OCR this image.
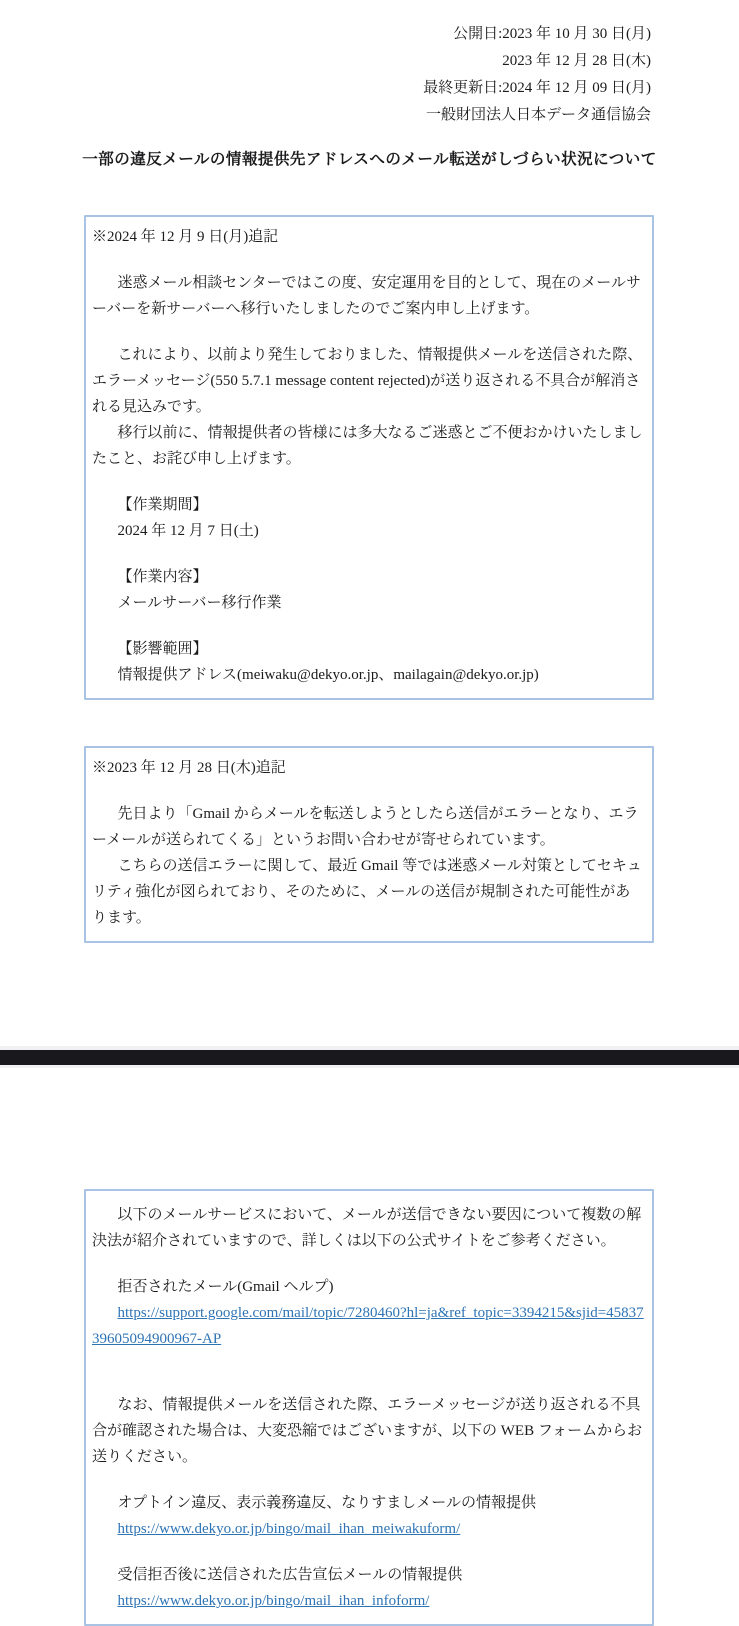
公開日:2023 年 10 月 30 日(月)
2023 年 12 月 28 日(木)
最終更新日:2024 年 12 月 09 日(月)
一般財団法人日本データ通信協会
一部の違反メールの情報提供先アドレスへのメール転送がしづらい状況について

※2024 年 12 月 9 日(月)追記

迷惑メール相談センターではこの度、安定運用を目的として、現在のメールサーバーを新サーバーへ移行いたしましたのでご案内申し上げます。

これにより、以前より発生しておりました、情報提供メールを送信された際、エラーメッセージ(550 5.7.1 message content rejected)が送り返される不具合が解消される見込みです。

移行以前に、情報提供者の皆様には多大なるご迷惑とご不便おかけいたしましたこと、お詫び申し上げます。

【作業期間】

2024 年 12 月 7 日(土)

【作業内容】

メールサーバー移行作業

【影響範囲】

情報提供アドレス(meiwaku@dekyo.or.jp、mailagain@dekyo.or.jp)

※2023 年 12 月 28 日(木)追記

先日より「Gmail からメールを転送しようとしたら送信がエラーとなり、エラーメールが送られてくる」というお問い合わせが寄せられています。

こちらの送信エラーに関して、最近 Gmail 等では迷惑メール対策としてセキュリティ強化が図られており、そのために、メールの送信が規制された可能性があります。

以下のメールサービスにおいて、メールが送信できない要因について複数の解決法が紹介されていますので、詳しくは以下の公式サイトをご参考ください。

拒否されたメール(Gmail ヘルプ)

https://support.google.com/mail/topic/7280460?hl=ja&ref_topic=3394215&sjid=4583739605094900967-AP

なお、情報提供メールを送信された際、エラーメッセージが送り返される不具合が確認された場合は、大変恐縮ではございますが、以下の WEB フォームからお送りください。

オプトイン違反、表示義務違反、なりすましメールの情報提供

https://www.dekyo.or.jp/bingo/mail_ihan_meiwakuform/

受信拒否後に送信された広告宣伝メールの情報提供

https://www.dekyo.or.jp/bingo/mail_ihan_infoform/
